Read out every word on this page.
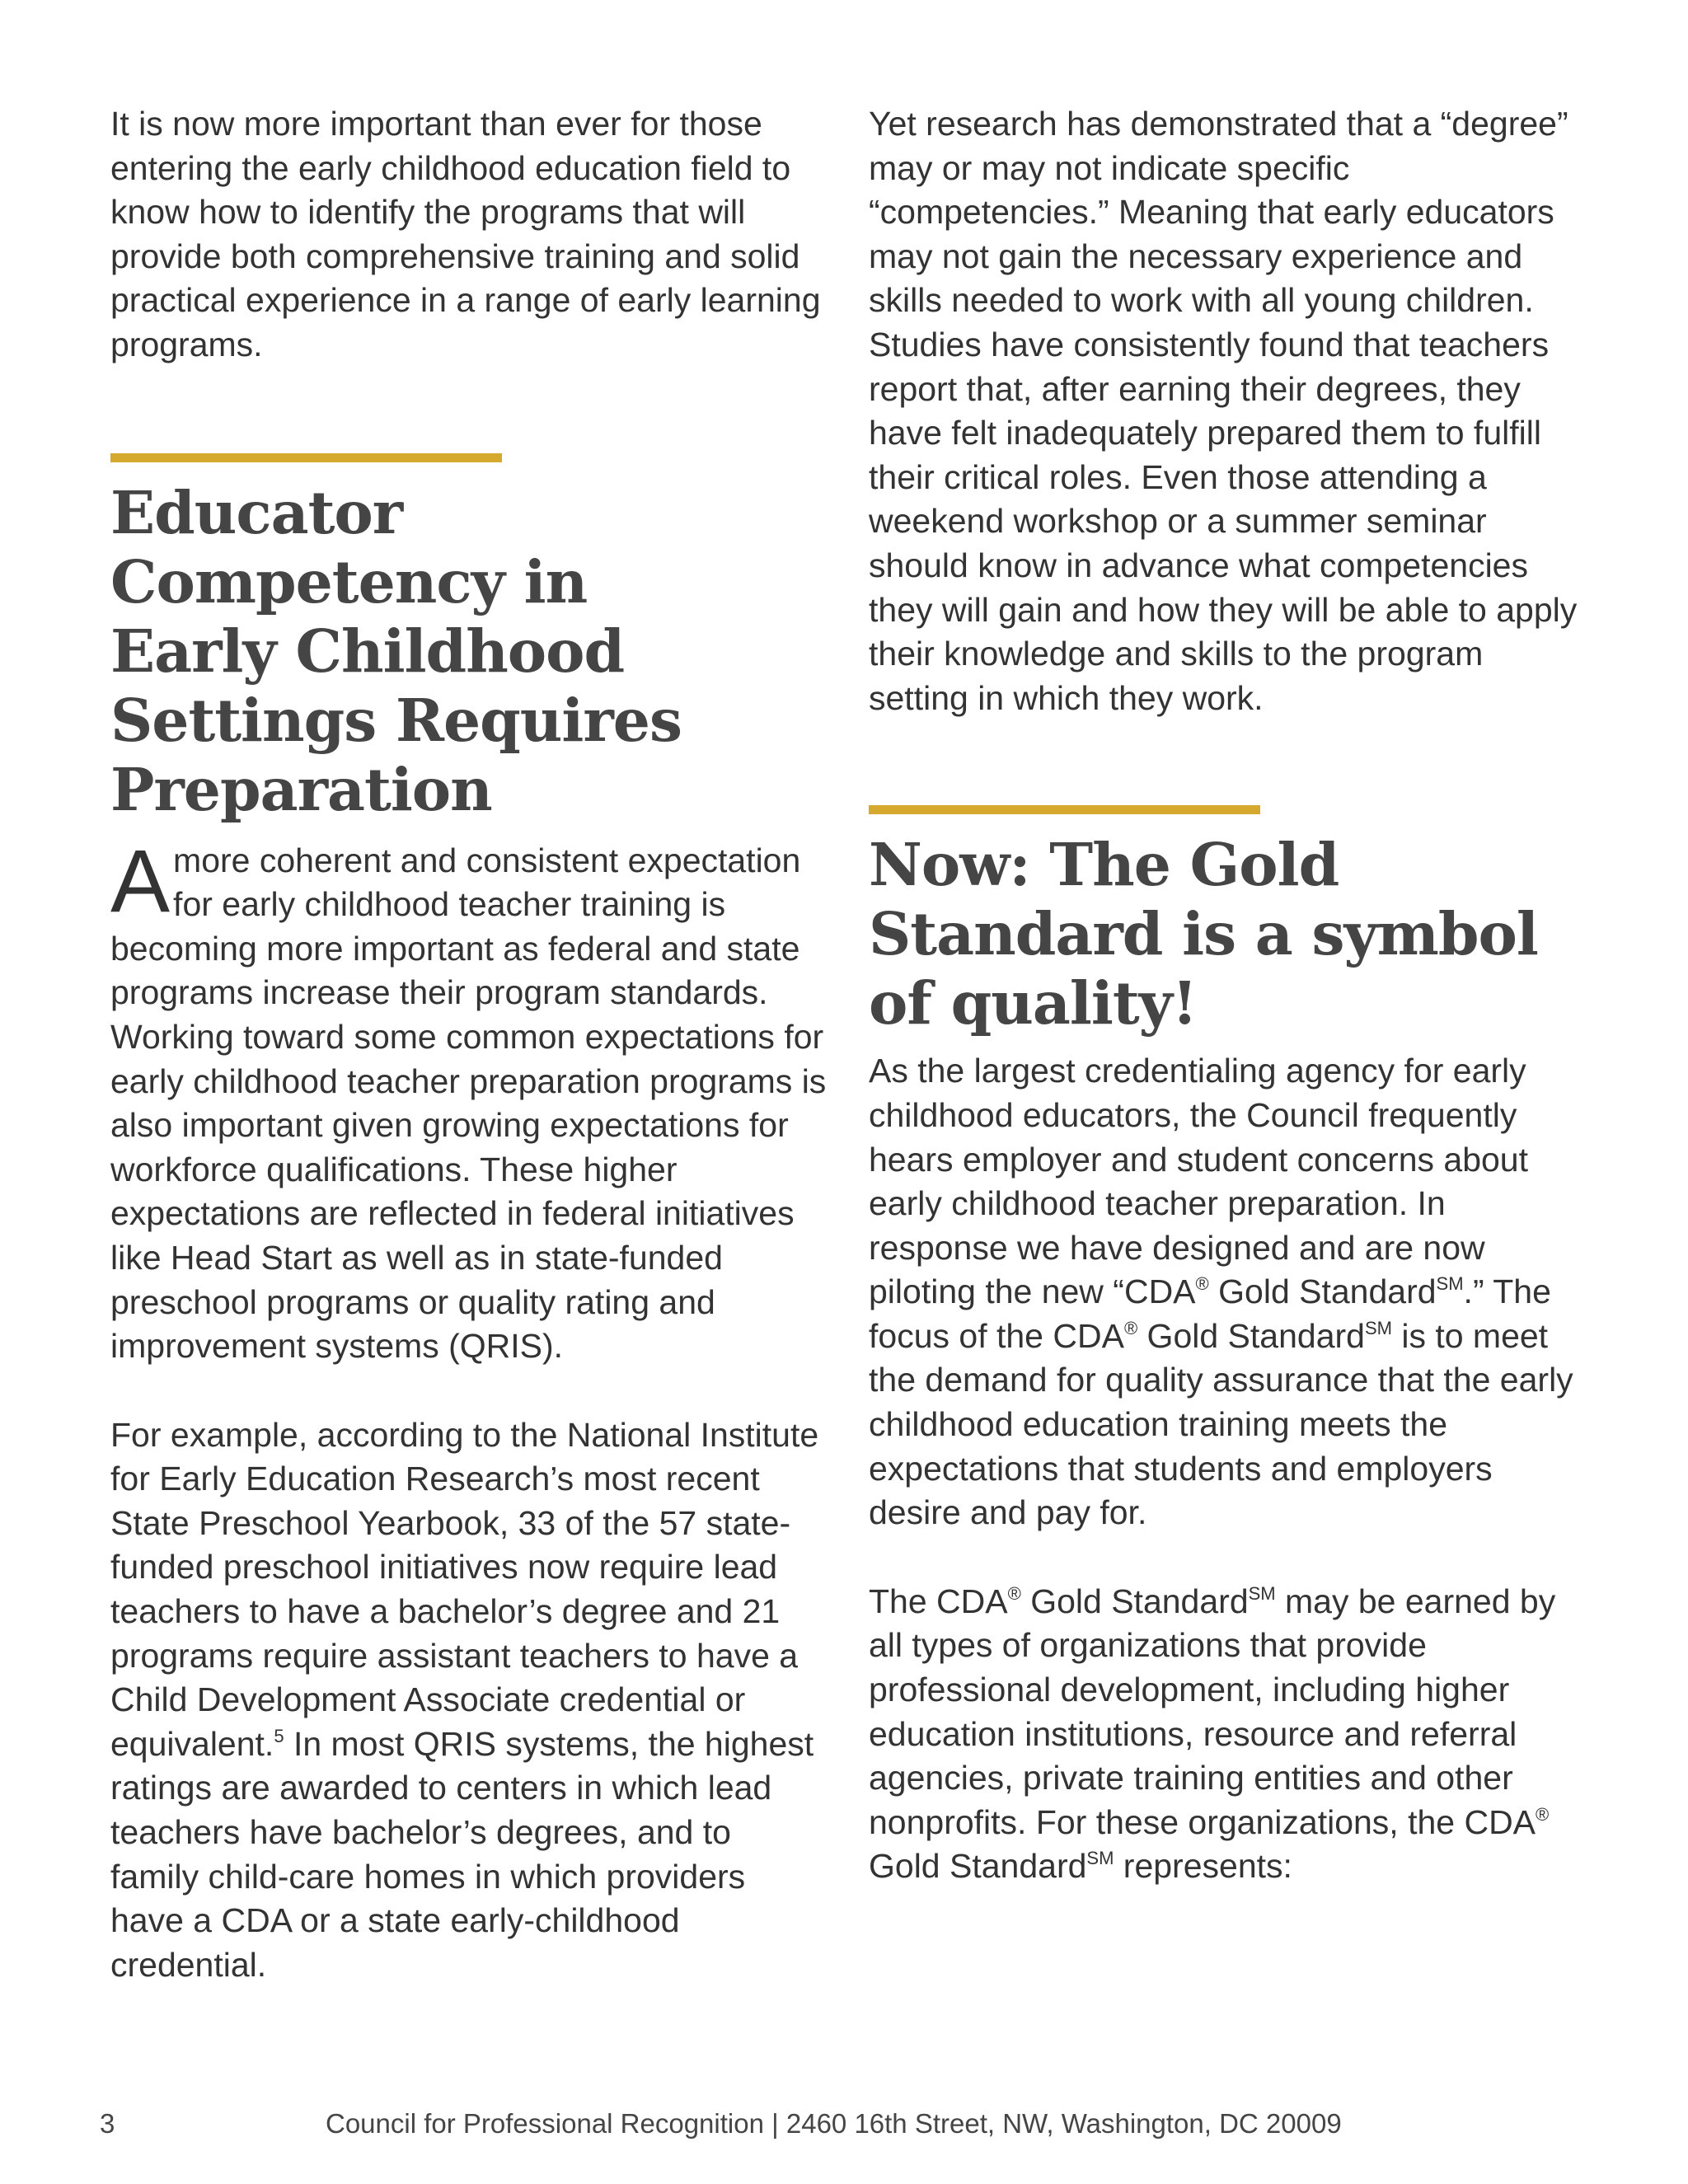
It is now more important than ever for those entering the early childhood education field to know how to identify the programs that will provide both comprehensive training and solid practical experience in a range of early learning programs.

Educator
Competency in
Early Childhood
Settings Requires
Preparation

Amore coherent and consistent expectation for early childhood teacher training is becoming more important as federal and state programs increase their program standards. Working toward some common expectations for early childhood teacher preparation programs is also important given growing expectations for workforce qualifications. These higher expectations are reflected in federal initiatives like Head Start as well as in state-funded preschool programs or quality rating and improvement systems (QRIS).

For example, according to the National Institute for Early Education Research’s most recent State Preschool Yearbook, 33 of the 57 state-funded preschool initiatives now require lead teachers to have a bachelor’s degree and 21 programs require assistant teachers to have a Child Development Associate credential or equivalent.$^5$ In most QRIS systems, the highest ratings are awarded to centers in which lead teachers have bachelor’s degrees, and to family child-care homes in which providers have a CDA or a state early-childhood credential.

Yet research has demonstrated that a “degree” may or may not indicate specific “competencies.” Meaning that early educators may not gain the necessary experience and skills needed to work with all young children. Studies have consistently found that teachers report that, after earning their degrees, they have felt inadequately prepared them to fulfill their critical roles. Even those attending a weekend workshop or a summer seminar should know in advance what competencies they will gain and how they will be able to apply their knowledge and skills to the program setting in which they work.

Now: The Gold
Standard is a symbol
of quality!

As the largest credentialing agency for early childhood educators, the Council frequently hears employer and student concerns about early childhood teacher preparation. In response we have designed and are now piloting the new “CDA® Gold Standard℠.” The focus of the CDA® Gold Standard℠ is to meet the demand for quality assurance that the early childhood education training meets the expectations that students and employers desire and pay for.

The CDA® Gold Standard℠ may be earned by all types of organizations that provide professional development, including higher education institutions, resource and referral agencies, private training entities and other nonprofits. For these organizations, the CDA® Gold Standard℠ represents:

3	Council for Professional Recognition | 2460 16th Street, NW, Washington, DC 20009
